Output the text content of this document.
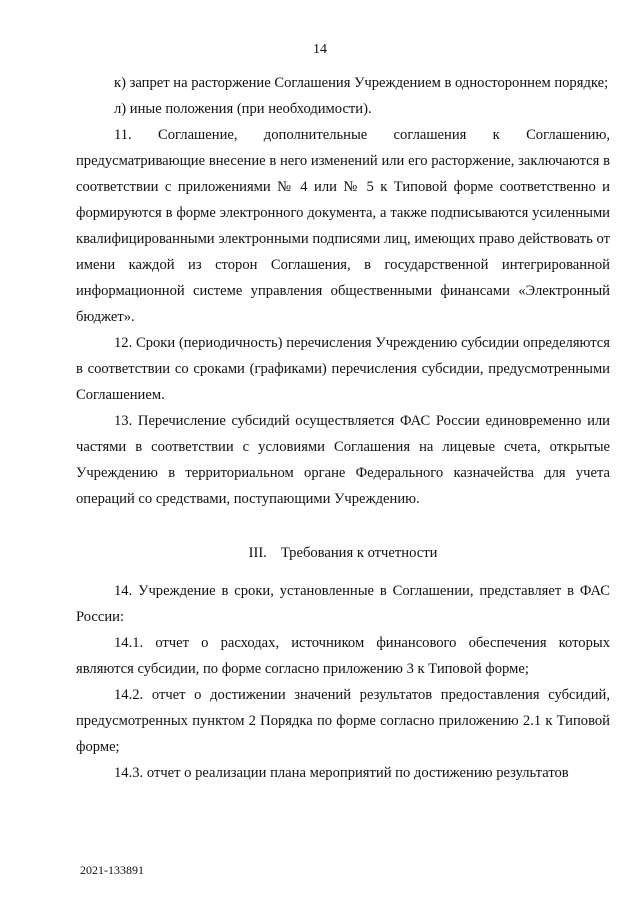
14

к) запрет на расторжение Соглашения Учреждением в одностороннем порядке;

л) иные положения (при необходимости).

11. Соглашение, дополнительные соглашения к Соглашению, предусматривающие внесение в него изменений или его расторжение, заключаются в соответствии с приложениями № 4 или № 5 к Типовой форме соответственно и формируются в форме электронного документа, а также подписываются усиленными квалифицированными электронными подписями лиц, имеющих право действовать от имени каждой из сторон Соглашения, в государственной интегрированной информационной системе управления общественными финансами «Электронный бюджет».

12. Сроки (периодичность) перечисления Учреждению субсидии определяются в соответствии со сроками (графиками) перечисления субсидии, предусмотренными Соглашением.

13. Перечисление субсидий осуществляется ФАС России единовременно или частями в соответствии с условиями Соглашения на лицевые счета, открытые Учреждению в территориальном органе Федерального казначейства для учета операций со средствами, поступающими Учреждению.

III. Требования к отчетности

14. Учреждение в сроки, установленные в Соглашении, представляет в ФАС России:

14.1. отчет о расходах, источником финансового обеспечения которых являются субсидии, по форме согласно приложению 3 к Типовой форме;

14.2. отчет о достижении значений результатов предоставления субсидий, предусмотренных пунктом 2 Порядка по форме согласно приложению 2.1 к Типовой форме;

14.3. отчет о реализации плана мероприятий по достижению результатов

2021-133891
